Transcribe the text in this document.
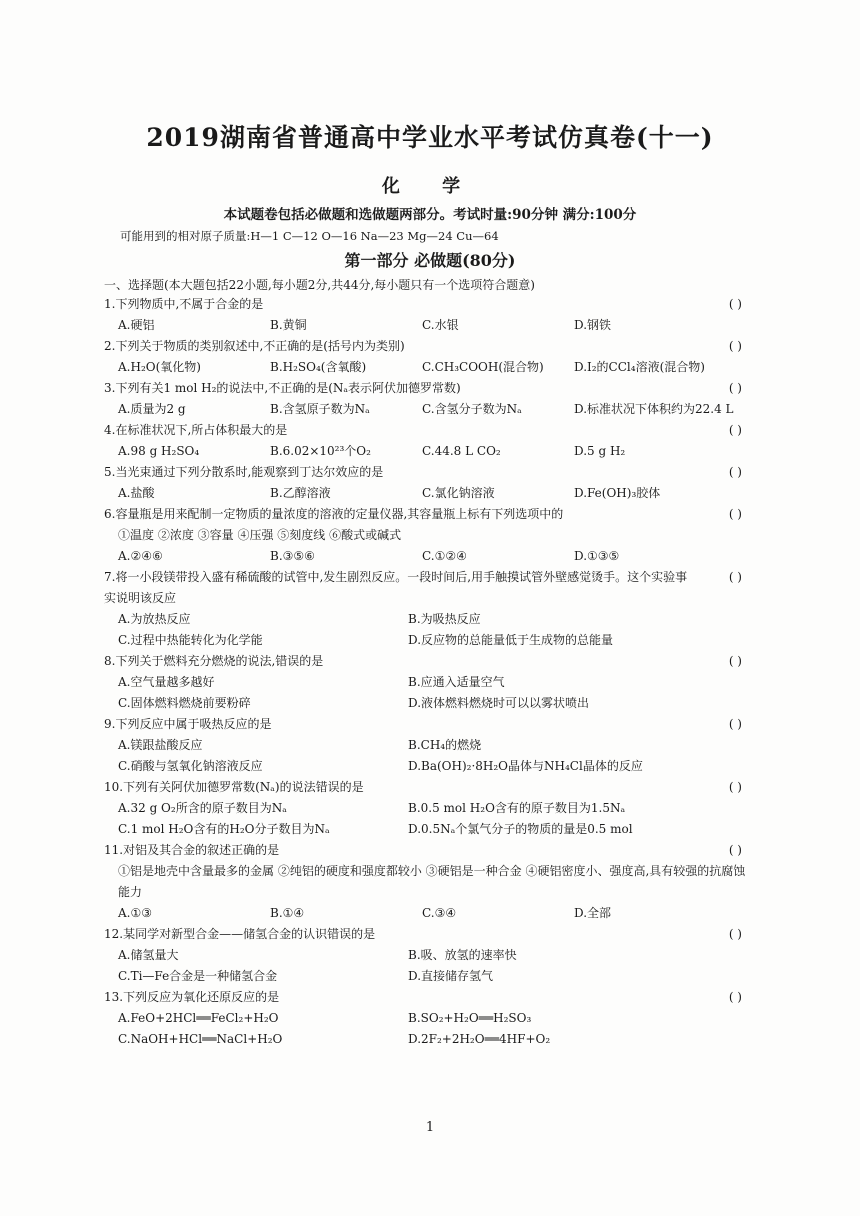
2019湖南省普通高中学业水平考试仿真卷(十一)
化 学
本试题卷包括必做题和选做题两部分。考试时量:90分钟 满分:100分
可能用到的相对原子质量:H—1 C—12 O—16 Na—23 Mg—24 Cu—64
第一部分 必做题(80分)
一、选择题(本大题包括22小题,每小题2分,共44分,每小题只有一个选项符合题意)
1.下列物质中,不属于合金的是	( )
A.硬铝	B.黄铜	C.水银	D.钢铁
2.下列关于物质的类别叙述中,不正确的是(括号内为类别)	( )
A.H₂O(氧化物)	B.H₂SO₄(含氧酸)	C.CH₃COOH(混合物)	D.I₂的CCl₄溶液(混合物)
3.下列有关1 mol H₂的说法中,不正确的是(Nₐ表示阿伏加德罗常数)	( )
A.质量为2 g	B.含氢原子数为Nₐ	C.含氢分子数为Nₐ	D.标准状况下体积约为22.4 L
4.在标准状况下,所占体积最大的是	( )
A.98 g H₂SO₄	B.6.02×10²³个O₂	C.44.8 L CO₂	D.5 g H₂
5.当光束通过下列分散系时,能观察到丁达尔效应的是	( )
A.盐酸	B.乙醇溶液	C.氯化钠溶液	D.Fe(OH)₃胶体
6.容量瓶是用来配制一定物质的量浓度的溶液的定量仪器,其容量瓶上标有下列选项中的	( )
①温度 ②浓度 ③容量 ④压强 ⑤刻度线 ⑥酸式或碱式
A.②④⑥	B.③⑤⑥	C.①②④	D.①③⑤
7.将一小段镁带投入盛有稀硫酸的试管中,发生剧烈反应。一段时间后,用手触摸试管外壁感觉烫手。这个实验事实说明该反应
( )
A.为放热反应	B.为吸热反应
C.过程中热能转化为化学能	D.反应物的总能量低于生成物的总能量
8.下列关于燃料充分燃烧的说法,错误的是	( )
A.空气量越多越好	B.应通入适量空气
C.固体燃料燃烧前要粉碎	D.液体燃料燃烧时可以以雾状喷出
9.下列反应中属于吸热反应的是	( )
A.镁跟盐酸反应	B.CH₄的燃烧
C.硝酸与氢氧化钠溶液反应	D.Ba(OH)₂·8H₂O晶体与NH₄Cl晶体的反应
10.下列有关阿伏加德罗常数(Nₐ)的说法错误的是	( )
A.32 g O₂所含的原子数目为Nₐ	B.0.5 mol H₂O含有的原子数目为1.5Nₐ
C.1 mol H₂O含有的H₂O分子数目为Nₐ	D.0.5Nₐ个氯气分子的物质的量是0.5 mol
11.对铝及其合金的叙述正确的是	( )
①铝是地壳中含量最多的金属 ②纯铝的硬度和强度都较小 ③硬铝是一种合金 ④硬铝密度小、强度高,具有较强的抗腐蚀能力
A.①③	B.①④	C.③④	D.全部
12.某同学对新型合金——储氢合金的认识错误的是	( )
A.储氢量大	B.吸、放氢的速率快
C.Ti—Fe合金是一种储氢合金	D.直接储存氢气
13.下列反应为氧化还原反应的是	( )
A.FeO+2HCl══FeCl₂+H₂O	B.SO₂+H₂O══H₂SO₃
C.NaOH+HCl══NaCl+H₂O	D.2F₂+2H₂O══4HF+O₂
1
